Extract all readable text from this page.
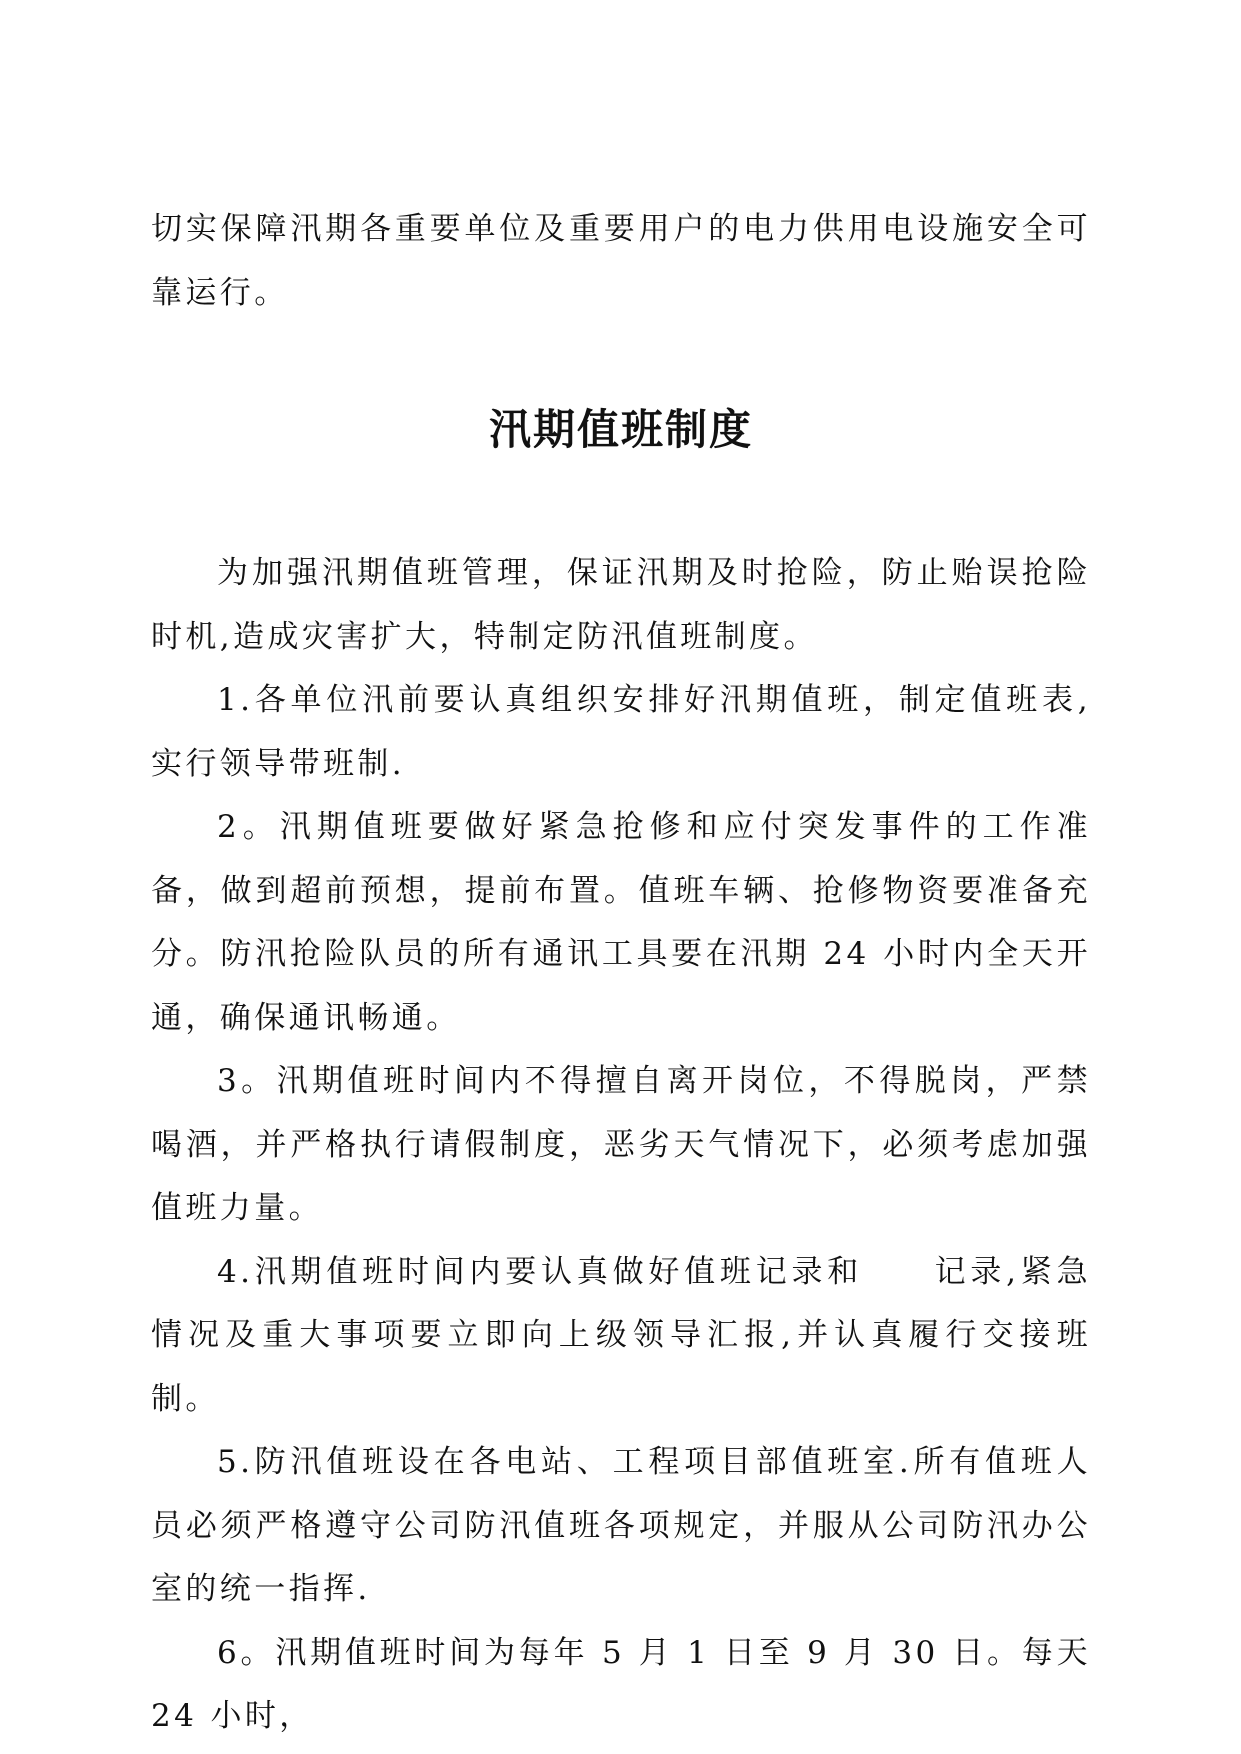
切实保障汛期各重要单位及重要用户的电力供用电设施安全可靠运行。

汛期值班制度

为加强汛期值班管理，保证汛期及时抢险，防止贻误抢险时机,造成灾害扩大，特制定防汛值班制度。

1.各单位汛前要认真组织安排好汛期值班，制定值班表,实行领导带班制.

2。汛期值班要做好紧急抢修和应付突发事件的工作准备，做到超前预想，提前布置。值班车辆、抢修物资要准备充分。防汛抢险队员的所有通讯工具要在汛期 24 小时内全天开通，确保通讯畅通。

3。汛期值班时间内不得擅自离开岗位，不得脱岗，严禁喝酒，并严格执行请假制度，恶劣天气情况下，必须考虑加强值班力量。

4.汛期值班时间内要认真做好值班记录和　　记录,紧急情况及重大事项要立即向上级领导汇报,并认真履行交接班制。

5.防汛值班设在各电站、工程项目部值班室.所有值班人员必须严格遵守公司防汛值班各项规定，并服从公司防汛办公室的统一指挥.

6。汛期值班时间为每年 5 月 1 日至 9 月 30 日。每天 24 小时，
